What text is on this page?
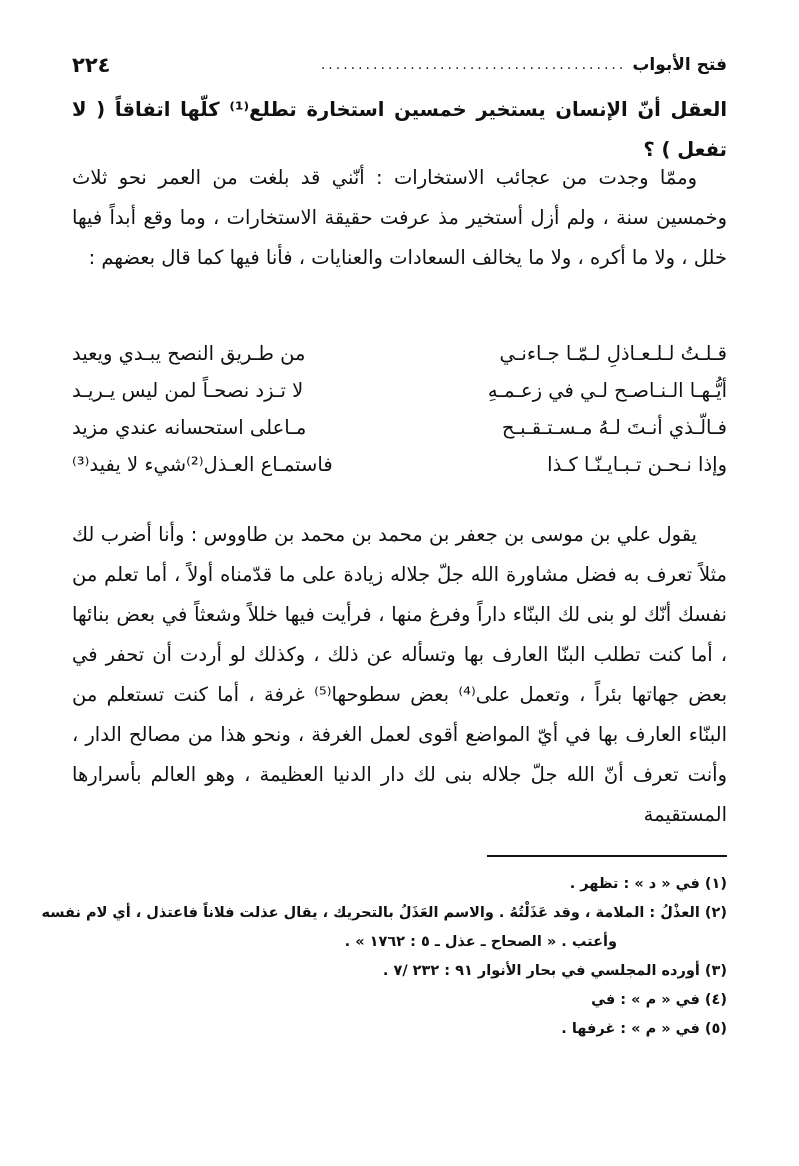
فتح الأبواب
.........................................
٢٢٤

العقل أنّ الإنسان يستخير خمسين استخارة تطلع⁽¹⁾ كلّها اتفاقاً ( لا تفعل ) ؟

وممّا وجدت من عجائب الاستخارات : أنّني قد بلغت من العمر نحو ثلاث وخمسين سنة ، ولم أزل أستخير مذ عرفت حقيقة الاستخارات ، وما وقع أبداً فيها خلل ، ولا ما أكره ، ولا ما يخالف السعادات والعنايات ، فأنا فيها كما قال بعضهم :

قـلـتُ لـلـعـاذلِ لـمّـا جـاءنـي
من طـريق النصح يبـدي ويعيد
أيُّـهـا الـنـاصـح لـي في زعـمـهِ
لا تـزد نصحـاً لمن ليس يـريـد
فـالّـذي أنـتَ لـهُ مـسـتـقـبـح
مـاعلى استحسانه عندي مزيد
وإذا نـحـن تـبـايـنّـا كـذا
فاستمـاع العـذل⁽²⁾شيء لا يفيد⁽³⁾

يقول علي بن موسى بن جعفر بن محمد بن محمد بن طاووس : وأنا أضرب لك مثلاً تعرف به فضل مشاورة الله جلّ جلاله زيادة على ما قدّمناه أولاً ، أما تعلم من نفسك أنّك لو بنى لك البنّاء داراً وفرغ منها ، فرأيت فيها خللاً وشعثاً في بعض بنائها ، أما كنت تطلب البنّا العارف بها وتسأله عن ذلك ، وكذلك لو أردت أن تحفر في بعض جهاتها بئراً ، وتعمل على⁽⁴⁾ بعض سطوحها⁽⁵⁾ غرفة ، أما كنت تستعلم من البنّاء العارف بها في أيّ المواضع أقوى لعمل الغرفة ، ونحو هذا من مصالح الدار ، وأنت تعرف أنّ الله جلّ جلاله بنى لك دار الدنيا العظيمة ، وهو العالم بأسرارها المستقيمة

(١) في « د » : تظهر .
(٢) العذْلُ : الملامة ، وقد عَذَلْتُهُ . والاسم العَذَلُ بالتحريك ، يقال عذلت فلاناً فاعتذل ، أي لام نفسه
وأعتب . « الصحاح ـ عذل ـ ٥ : ١٧٦٢ » .
(٣) أورده المجلسي في بحار الأنوار ٩١ : ٢٣٢ /٧ .
(٤) في « م » : في
(٥) في « م » : غرفها .
